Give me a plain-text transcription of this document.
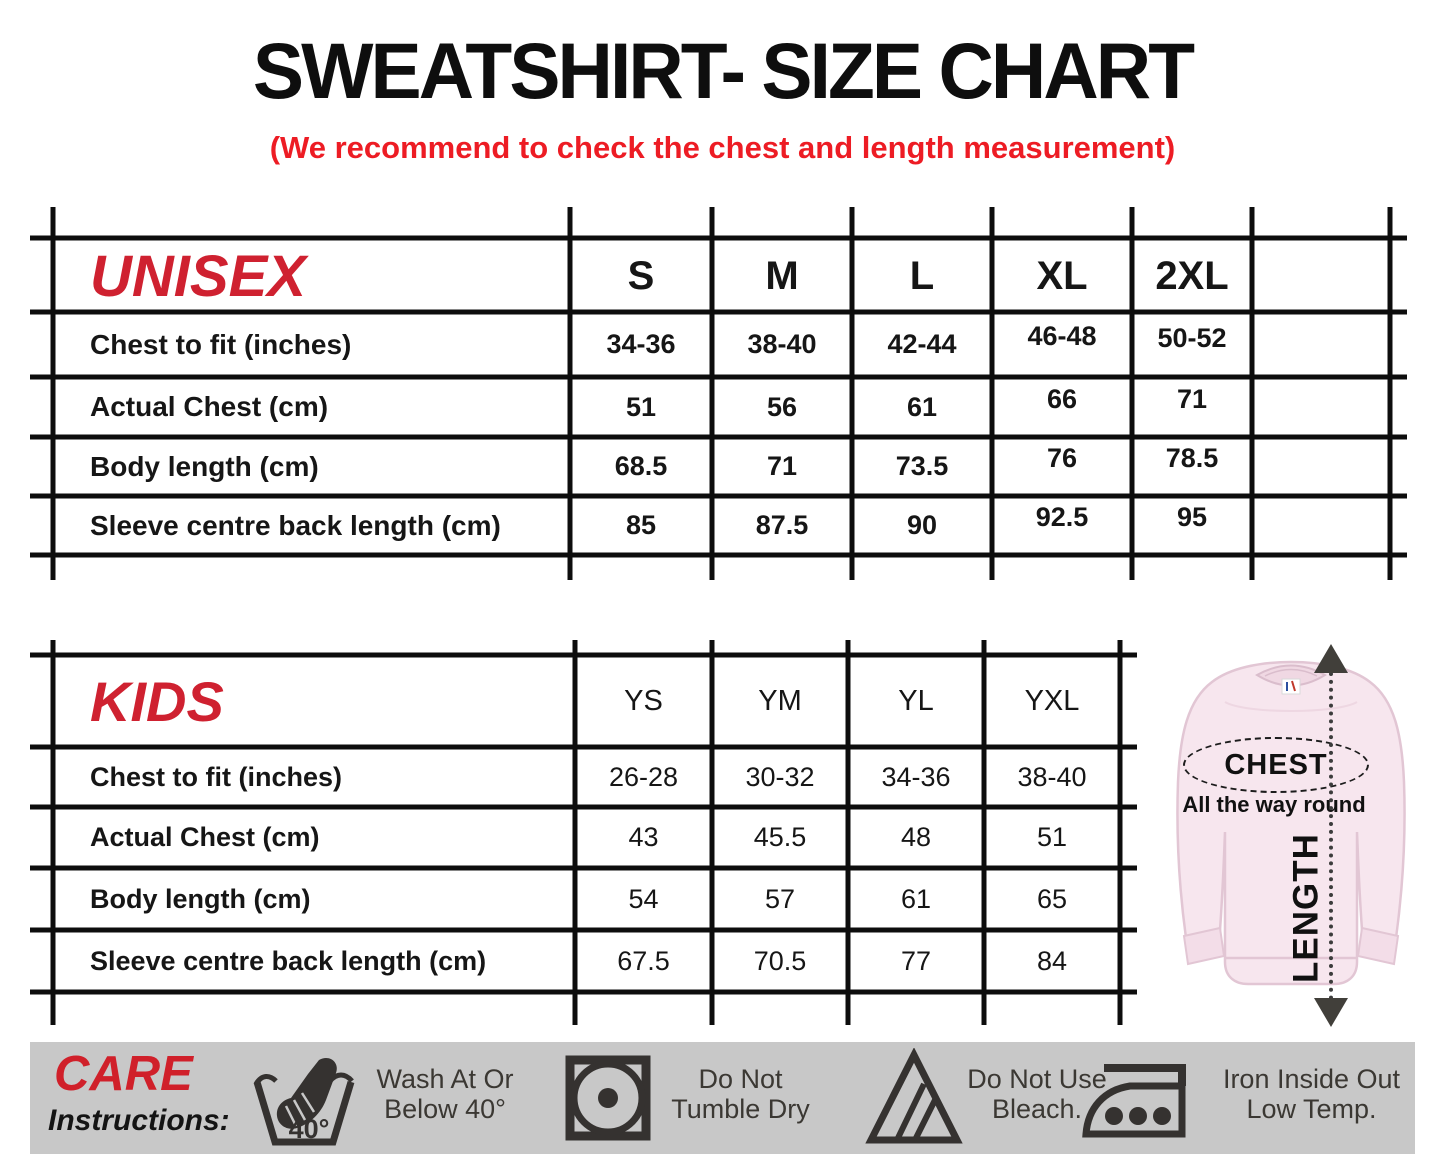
SWEATSHIRT- SIZE CHART
(We recommend to check the chest and length measurement)
UNISEX	S	M	L	XL	2XL
Chest to fit (inches)	34-36	38-40	42-44	46-48	50-52
Actual Chest (cm)	51	56	61	66	71
Body length (cm)	68.5	71	73.5	76	78.5
Sleeve centre back length (cm)	85	87.5	90	92.5	95
KIDS	YS	YM	YL	YXL
Chest to fit (inches)	26-28	30-32	34-36	38-40
Actual Chest (cm)	43	45.5	48	51
Body length (cm)	54	57	61	65
Sleeve centre back length (cm)	67.5	70.5	77	84
CHEST
All the way round
LENGTH
CARE
Instructions: 40°
Wash At Or
Below 40°
Do Not
Tumble Dry
Do Not Use
Bleach.
Iron Inside Out
Low Temp.
